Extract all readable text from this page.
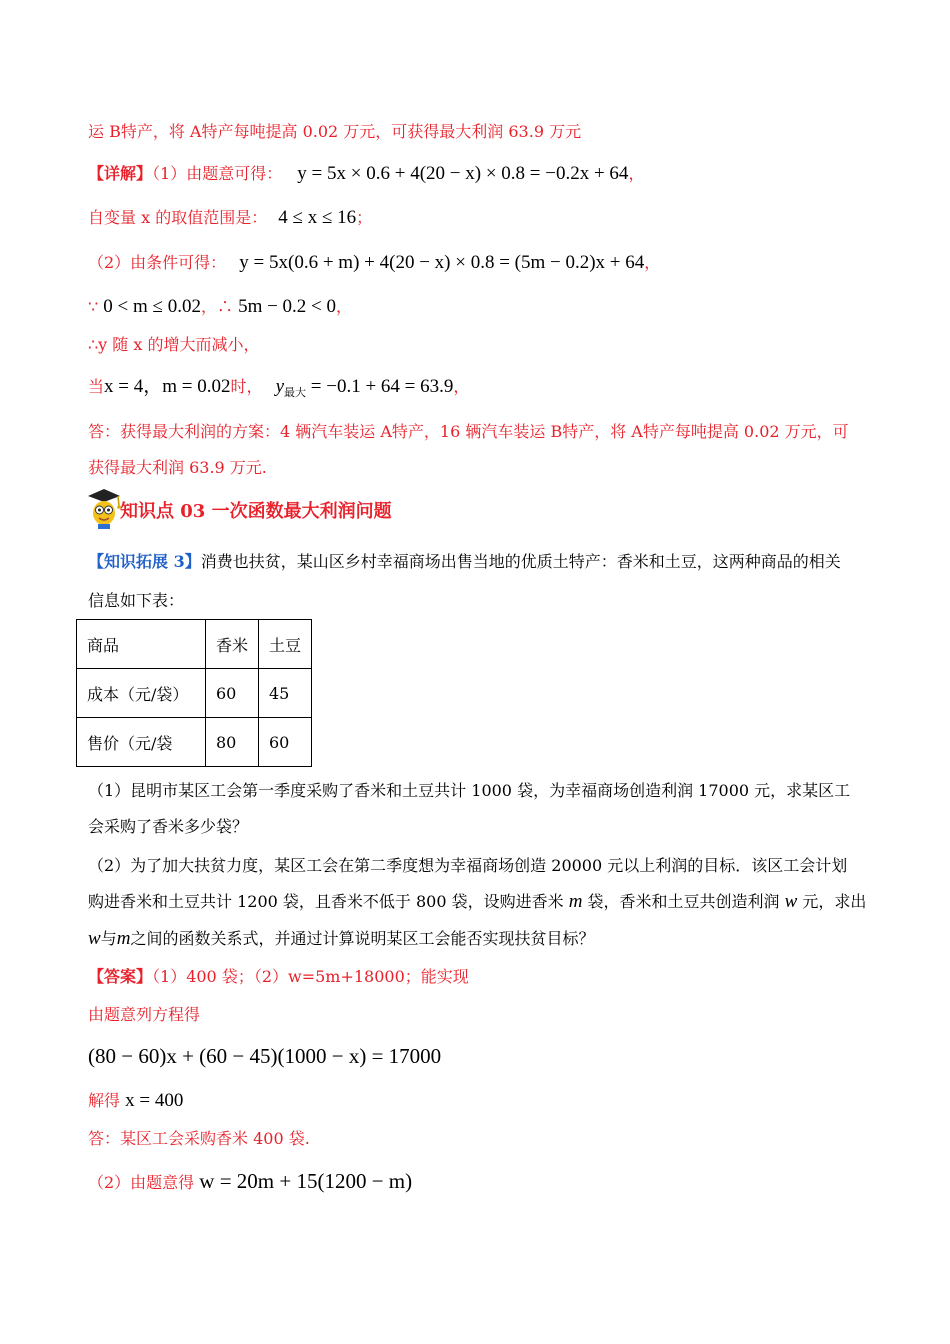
运 B特产，将 A特产每吨提高 0.02 万元，可获得最大利润 63.9 万元
【详解】（1）由题意可得： y = 5x × 0.6 + 4(20 − x) × 0.8 = −0.2x + 64，
自变量 x 的取值范围是： 4 ≤ x ≤ 16；
（2）由条件可得： y = 5x(0.6 + m) + 4(20 − x) × 0.8 = (5m − 0.2)x + 64，
∵ 0 < m ≤ 0.02，∴ 5m − 0.2 < 0，
∴y 随 x 的增大而减小，
当x = 4，m = 0.02时， $y_{最大} = -0.1 + 64 = 63.9$，
答：获得最大利润的方案：4 辆汽车装运 A特产，16 辆汽车装运 B特产，将 A特产每吨提高 0.02 万元，可
获得最大利润 63.9 万元.
知识点 03 一次函数最大利润问题
【知识拓展 3】消费也扶贫，某山区乡村幸福商场出售当地的优质土特产：香米和土豆，这两种商品的相关
信息如下表：
商品	香米	土豆
成本（元/袋）	60	45
售价（元/袋	80	60
（1）昆明市某区工会第一季度采购了香米和土豆共计 1000 袋，为幸福商场创造利润 17000 元，求某区工
会采购了香米多少袋？
（2）为了加大扶贫力度，某区工会在第二季度想为幸福商场创造 20000 元以上利润的目标．该区工会计划
购进香米和土豆共计 1200 袋，且香米不低于 800 袋，设购进香米 m 袋，香米和土豆共创造利润 w 元，求出
w与m之间的函数关系式，并通过计算说明某区工会能否实现扶贫目标？
【答案】（1）400 袋；（2）w=5m+18000；能实现
由题意列方程得
(80 − 60)x + (60 − 45)(1000 − x) = 17000
解得 x = 400
答：某区工会采购香米 400 袋.
（2）由题意得 w = 20m + 15(1200 − m)
